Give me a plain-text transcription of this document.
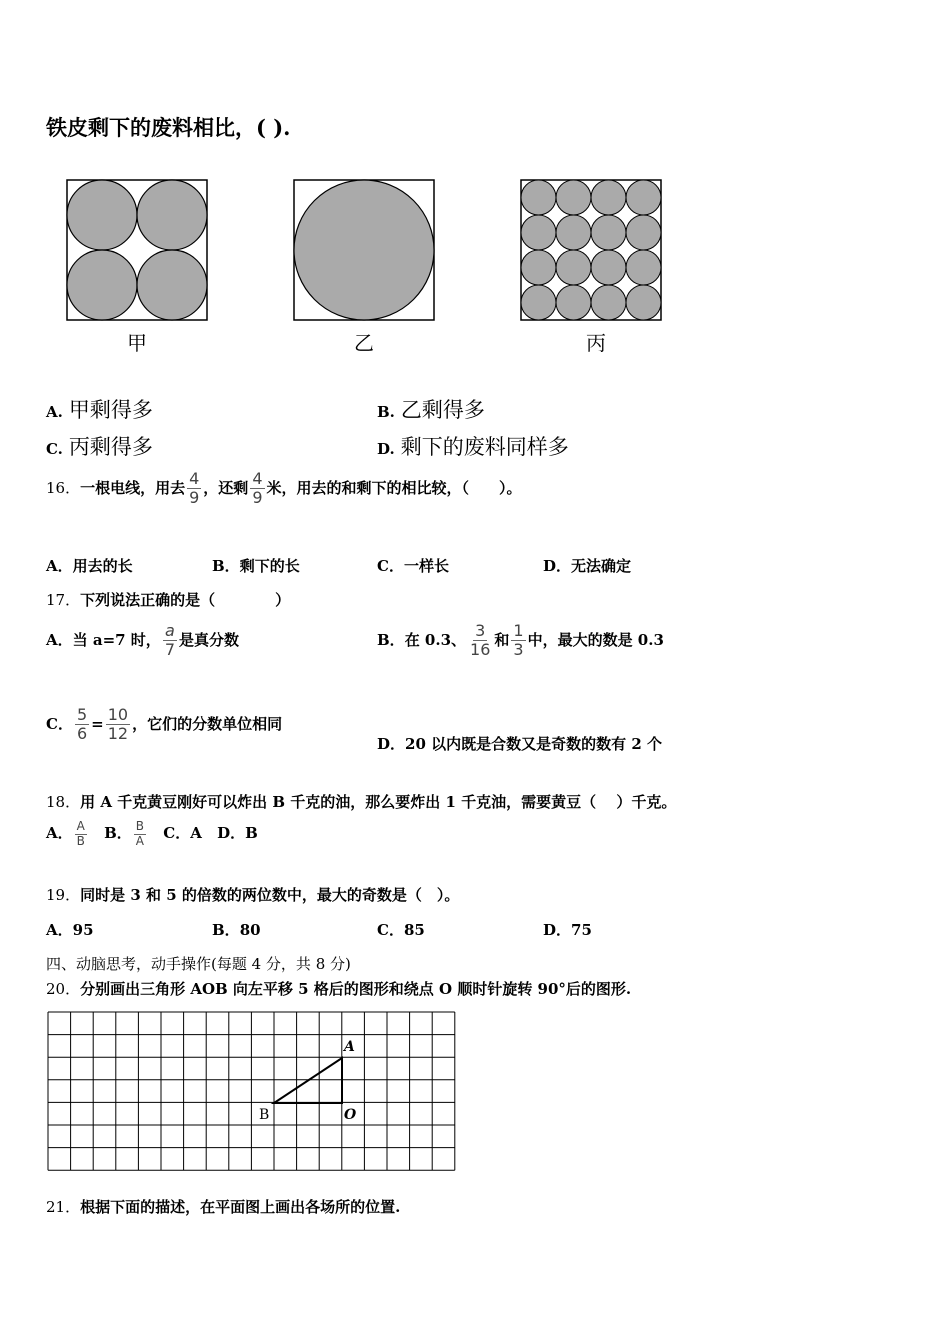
铁皮剩下的废料相比，( ).
甲	乙	丙
A. 甲剩得多	B. 乙剩得多
C. 丙剩得多	D. 剩下的废料同样多
16．一根电线，用去 $\frac{4}{9}$ ，还剩 $\frac{4}{9}$ 米，用去的和剩下的相比较，（　　）。
A．用去的长	B．剩下的长	C．一样长	D．无法确定
17．下列说法正确的是（　　　　）
A．当 a=7 时， $\frac{a}{7}$ 是真分数	B．在 0.3、 $\frac{3}{16}$ 和 $\frac{1}{3}$ 中，最大的数是 0.3
C． $\frac{5}{6} = \frac{10}{12}$ ，它们的分数单位相同
D．20 以内既是合数又是奇数的数有 2 个
18．用 A 千克黄豆刚好可以炸出 B 千克的油，那么要炸出 1 千克油，需要黄豆（　 ）千克。
A． $\frac{A}{B}$ B． $\frac{B}{A}$ C．A D．B
19．同时是 3 和 5 的倍数的两位数中，最大的奇数是（　）。
A．95	B．80	C．85	D．75
四、动脑思考，动手操作(每题 4 分，共 8 分)
20．分别画出三角形 AOB 向左平移 5 格后的图形和绕点 O 顺时针旋转 90°后的图形.
A
B	O
21．根据下面的描述，在平面图上画出各场所的位置.
